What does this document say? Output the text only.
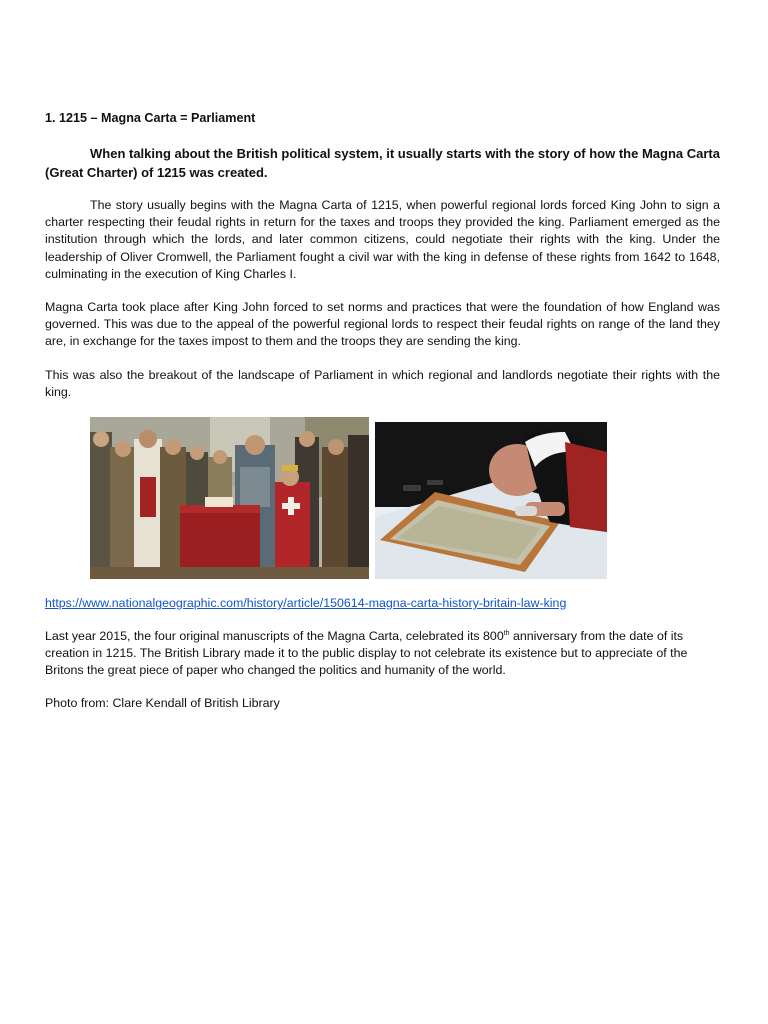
1. 1215 – Magna Carta = Parliament

When talking about the British political system, it usually starts with the story of how the Magna Carta (Great Charter) of 1215 was created.

The story usually begins with the Magna Carta of 1215, when powerful regional lords forced King John to sign a charter respecting their feudal rights in return for the taxes and troops they provided the king. Parliament emerged as the institution through which the lords, and later common citizens, could negotiate their rights with the king. Under the leadership of Oliver Cromwell, the Parliament fought a civil war with the king in defense of these rights from 1642 to 1648, culminating in the execution of King Charles I.

Magna Carta took place after King John forced to set norms and practices that were the foundation of how England was governed. This was due to the appeal of the powerful regional lords to respect their feudal rights on range of the land they are, in exchange for the taxes impost to them and the troops they are sending the king.

This was also the breakout of the landscape of Parliament in which regional and landlords negotiate their rights with the king.

https://www.nationalgeographic.com/history/article/150614-magna-carta-history-britain-law-king

Last year 2015, the four original manuscripts of the Magna Carta, celebrated its 800th anniversary from the date of its creation in 1215. The British Library made it to the public display to not celebrate its existence but to appreciate of the Britons the great piece of paper who changed the politics and humanity of the world.

Photo from: Clare Kendall of British Library
